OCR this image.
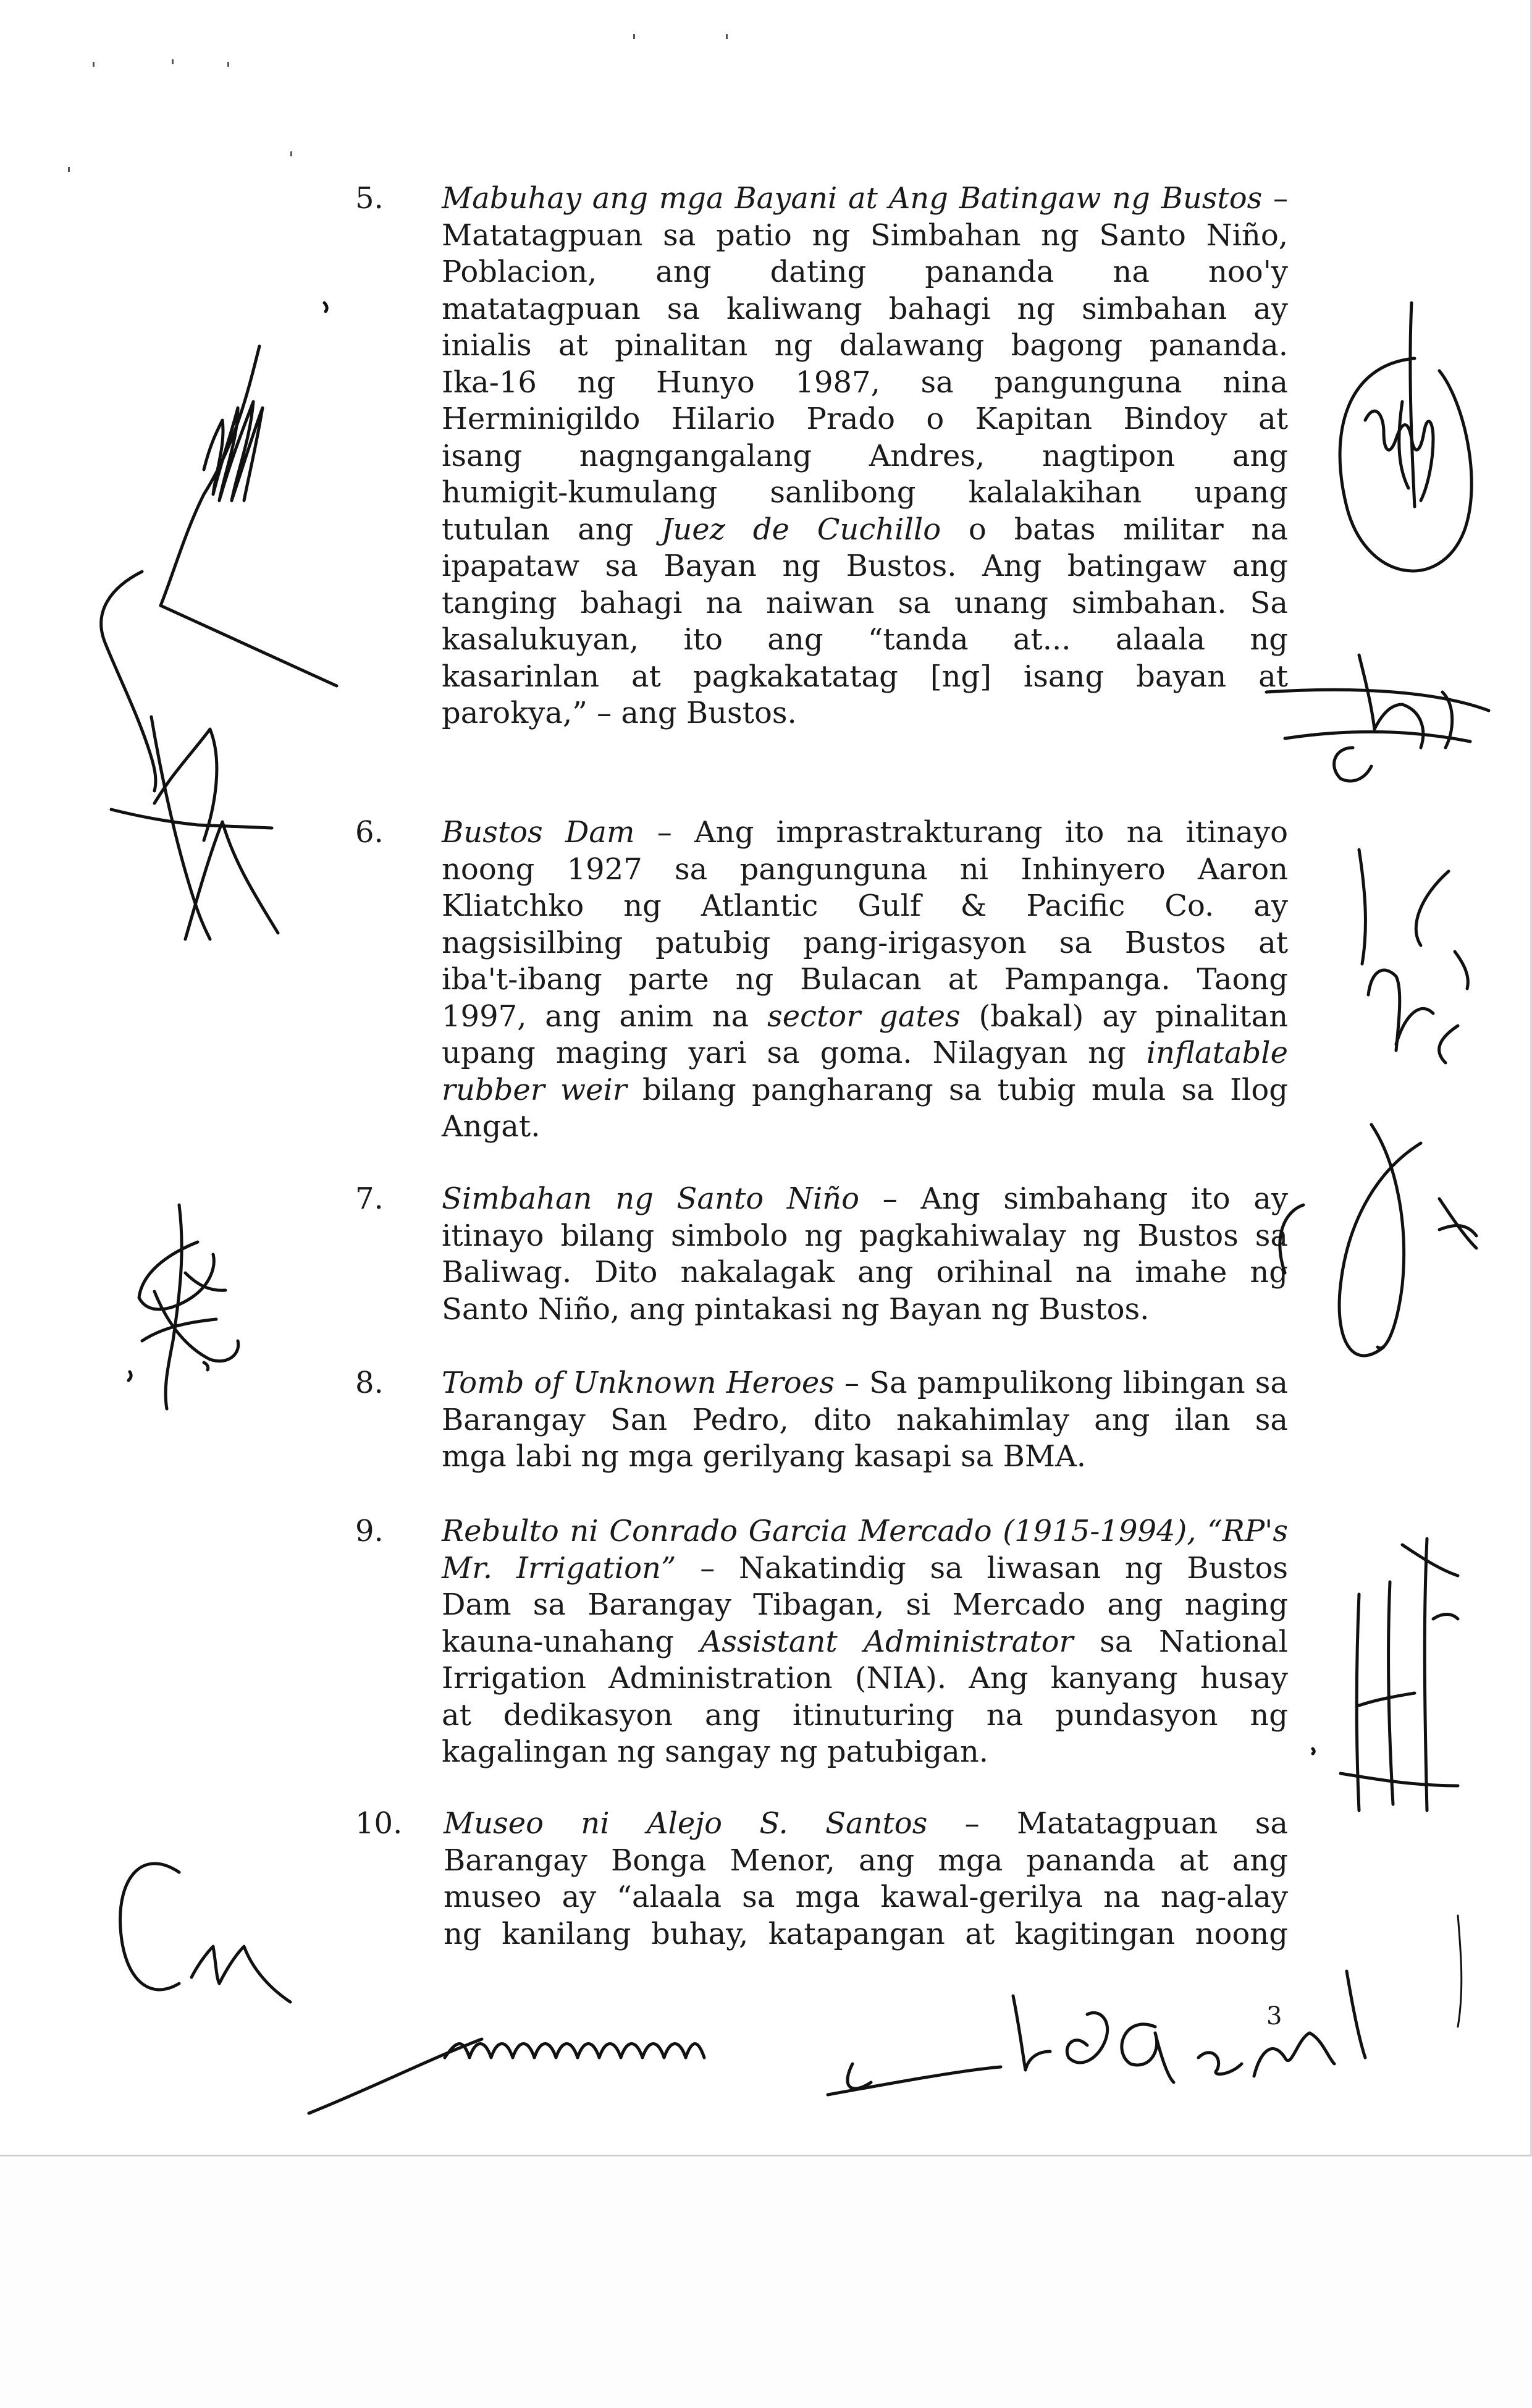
5.	Mabuhay ang mga Bayani at Ang Batingaw ng Bustos –
Matatagpuan sa patio ng Simbahan ng Santo Niño,
Poblacion, ang dating pananda na noo'y
matatagpuan sa kaliwang bahagi ng simbahan ay
inialis at pinalitan ng dalawang bagong pananda.
Ika-16 ng Hunyo 1987, sa pangunguna nina
Herminigildo Hilario Prado o Kapitan Bindoy at
isang nagngangalang Andres, nagtipon ang
humigit-kumulang sanlibong kalalakihan upang
tutulan ang Juez de Cuchillo o batas militar na
ipapataw sa Bayan ng Bustos. Ang batingaw ang
tanging bahagi na naiwan sa unang simbahan. Sa
kasalukuyan, ito ang “tanda at... alaala ng
kasarinlan at pagkakatatag [ng] isang bayan at
parokya,” – ang Bustos.
6.	Bustos Dam – Ang imprastrakturang ito na itinayo
noong 1927 sa pangunguna ni Inhinyero Aaron
Kliatchko ng Atlantic Gulf & Pacific Co. ay
nagsisilbing patubig pang-irigasyon sa Bustos at
iba't-ibang parte ng Bulacan at Pampanga. Taong
1997, ang anim na sector gates (bakal) ay pinalitan
upang maging yari sa goma. Nilagyan ng inflatable
rubber weir bilang pangharang sa tubig mula sa Ilog
Angat.
7.	Simbahan ng Santo Niño – Ang simbahang ito ay
itinayo bilang simbolo ng pagkahiwalay ng Bustos sa
Baliwag. Dito nakalagak ang orihinal na imahe ng
Santo Niño, ang pintakasi ng Bayan ng Bustos.
8.	Tomb of Unknown Heroes – Sa pampulikong libingan sa
Barangay San Pedro, dito nakahimlay ang ilan sa
mga labi ng mga gerilyang kasapi sa BMA.
9.	Rebulto ni Conrado Garcia Mercado (1915-1994), “RP's
Mr. Irrigation” – Nakatindig sa liwasan ng Bustos
Dam sa Barangay Tibagan, si Mercado ang naging
kauna-unahang Assistant Administrator sa National
Irrigation Administration (NIA). Ang kanyang husay
at dedikasyon ang itinuturing na pundasyon ng
kagalingan ng sangay ng patubigan.
10.	Museo ni Alejo S. Santos – Matatagpuan sa
Barangay Bonga Menor, ang mga pananda at ang
museo ay “alaala sa mga kawal-gerilya na nag-alay
ng kanilang buhay, katapangan at kagitingan noong
3
